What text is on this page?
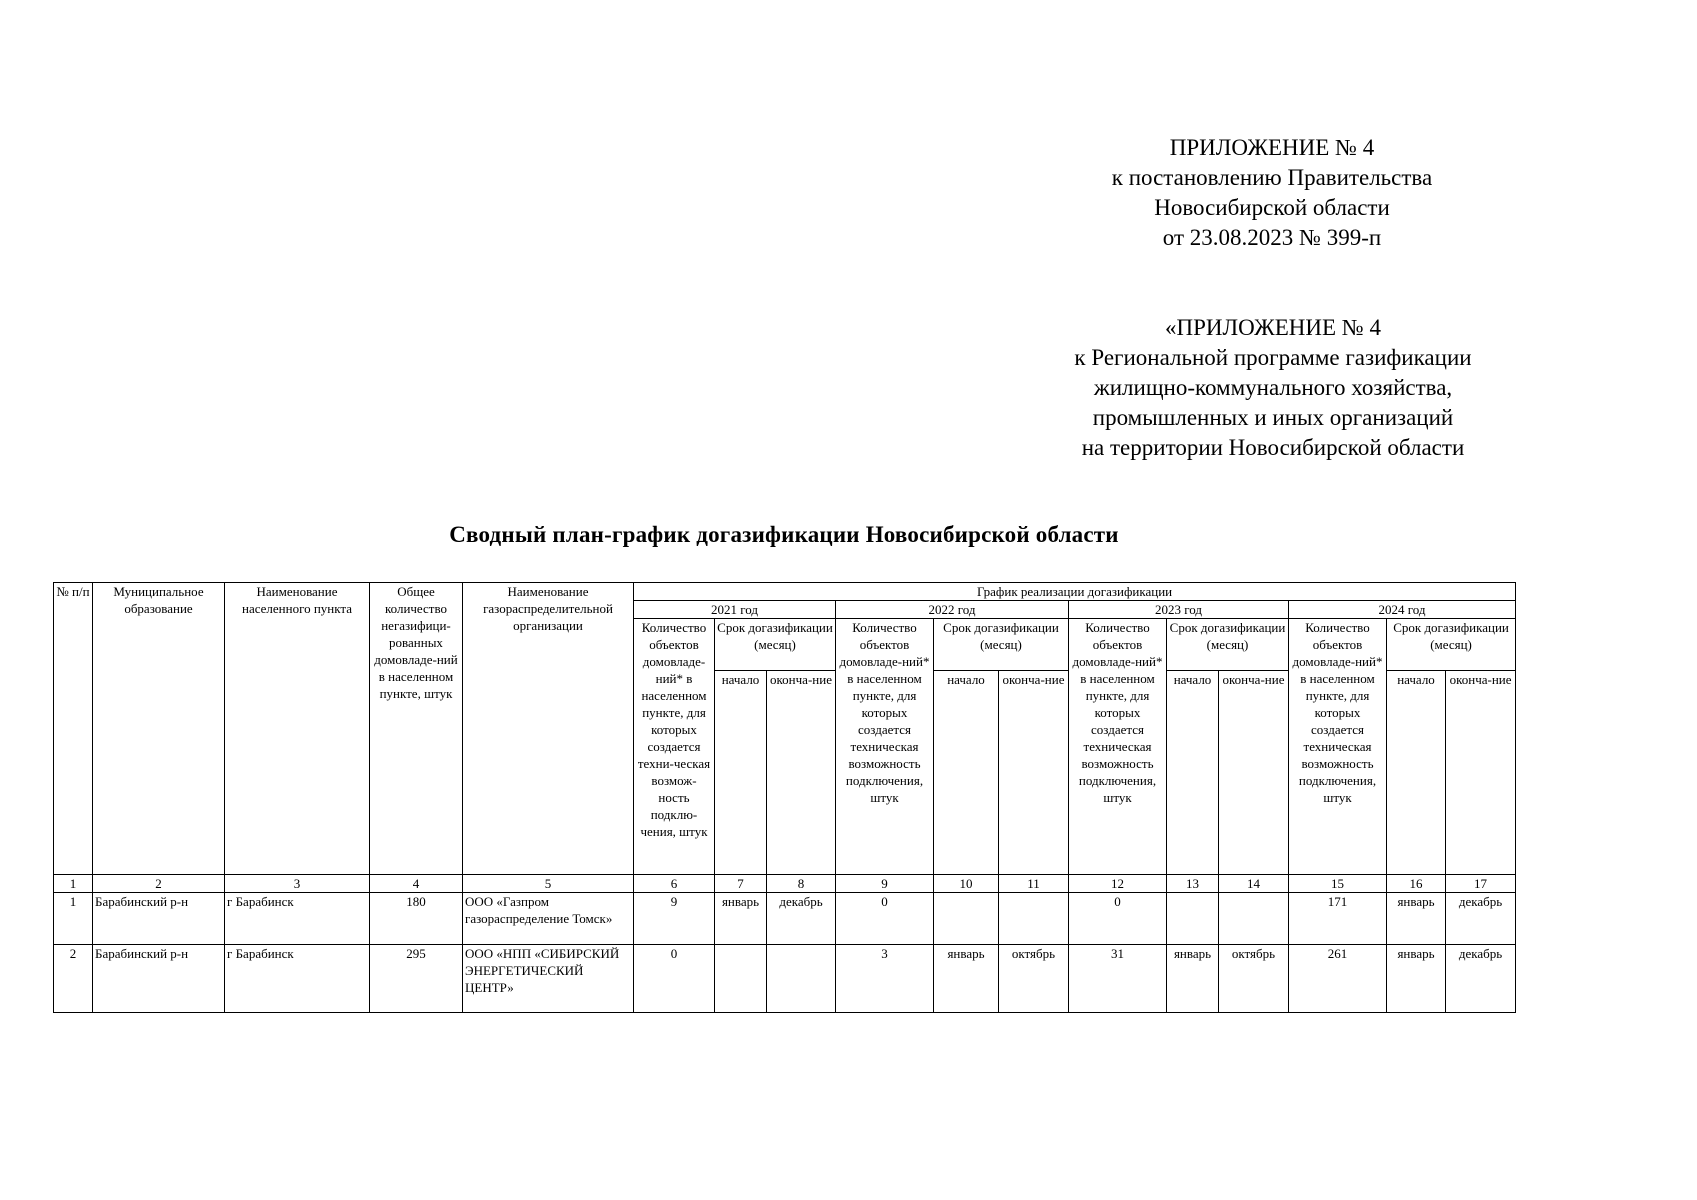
ПРИЛОЖЕНИЕ № 4
к постановлению Правительства
Новосибирской области
от 23.08.2023 № 399-п
«ПРИЛОЖЕНИЕ № 4
к Региональной программе газификации
жилищно-коммунального хозяйства,
промышленных и иных организаций
на территории Новосибирской области
Сводный план-график догазификации Новосибирской области
№ п/п	Муниципальное образование	Наименование населенного пункта	Общее количество негазифици-рованных домовладе-ний в населенном пункте, штук	Наименование газораспределительной организации	График реализации догазификации											
					2021 год			2022 год			2023 год			2024 год		
					Количество объектов домовладе-ний* в населенном пункте, для которых создается техни-ческая возмож-ность подклю-чения, штук	Срок догазификации (месяц)		Количество объектов домовладе-ний* в населенном пункте, для которых создается техническая возможность подключения, штук	Срок догазификации (месяц)		Количество объектов домовладе-ний* в населенном пункте, для которых создается техническая возможность подключения, штук	Срок догазификации (месяц)		Количество объектов домовладе-ний* в населенном пункте, для которых создается техническая возможность подключения, штук	Срок догазификации (месяц)	
						начало	оконча-ние		начало	оконча-ние		начало	оконча-ние		начало	оконча-ние
1	2	3	4	5	6	7	8	9	10	11	12	13	14	15	16	17
1	Барабинский р-н	г Барабинск	180	ООО «Газпром газораспределение Томск»	9	январь	декабрь	0			0			171	январь	декабрь
2	Барабинский р-н	г Барабинск	295	ООО «НПП «СИБИРСКИЙ ЭНЕРГЕТИЧЕСКИЙ ЦЕНТР»	0			3	январь	октябрь	31	январь	октябрь	261	январь	декабрь
